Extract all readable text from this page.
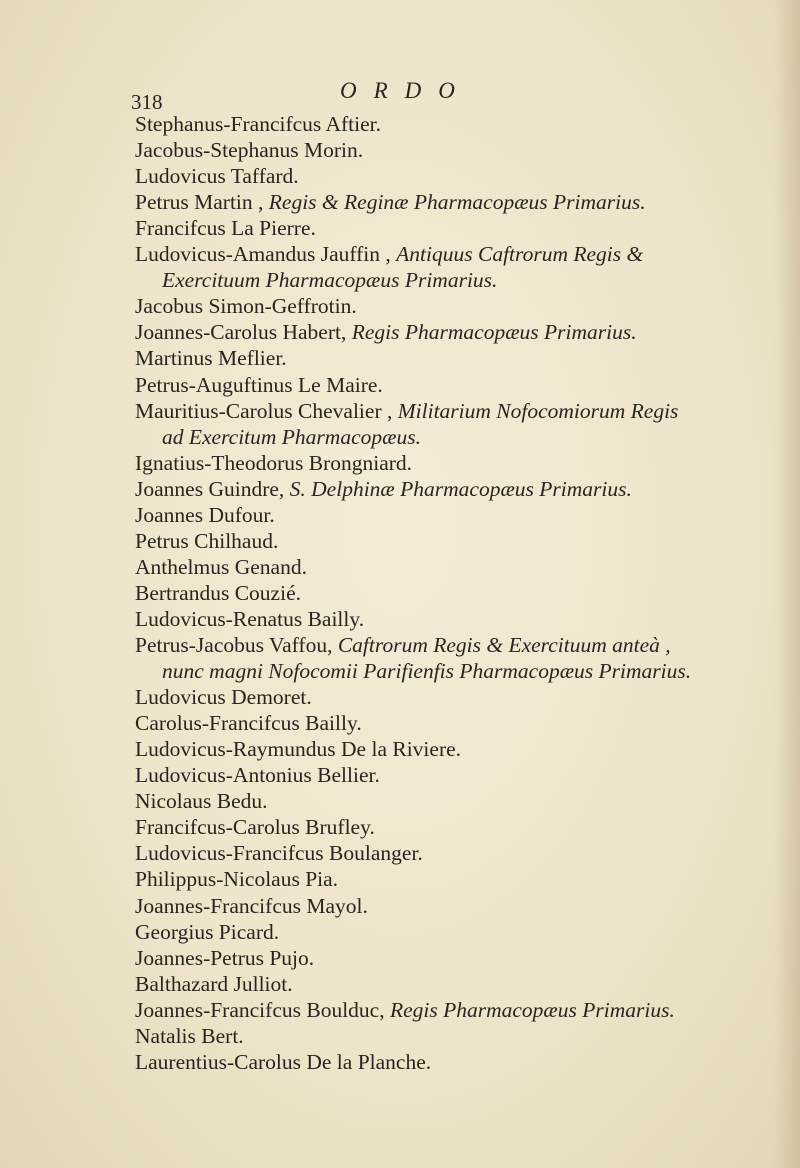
318	ORDO
Stephanus-Francifcus Aftier.
Jacobus-Stephanus Morin.
Ludovicus Taffard.
Petrus Martin , Regis & Reginæ Pharmacopæus Primarius.
Francifcus La Pierre.
Ludovicus-Amandus Jauffin , Antiquus Caftrorum Regis &
Exercituum Pharmacopæus Primarius.
Jacobus Simon-Geffrotin.
Joannes-Carolus Habert, Regis Pharmacopæus Primarius.
Martinus Meflier.
Petrus-Auguftinus Le Maire.
Mauritius-Carolus Chevalier , Militarium Nofocomiorum Regis
ad Exercitum Pharmacopæus.
Ignatius-Theodorus Brongniard.
Joannes Guindre, S. Delphinæ Pharmacopæus Primarius.
Joannes Dufour.
Petrus Chilhaud.
Anthelmus Genand.
Bertrandus Couzié.
Ludovicus-Renatus Bailly.
Petrus-Jacobus Vaffou, Caftrorum Regis & Exercituum anteà ,
nunc magni Nofocomii Parifienfis Pharmacopæus Primarius.
Ludovicus Demoret.
Carolus-Francifcus Bailly.
Ludovicus-Raymundus De la Riviere.
Ludovicus-Antonius Bellier.
Nicolaus Bedu.
Francifcus-Carolus Brufley.
Ludovicus-Francifcus Boulanger.
Philippus-Nicolaus Pia.
Joannes-Francifcus Mayol.
Georgius Picard.
Joannes-Petrus Pujo.
Balthazard Julliot.
Joannes-Francifcus Boulduc, Regis Pharmacopæus Primarius.
Natalis Bert.
Laurentius-Carolus De la Planche.
